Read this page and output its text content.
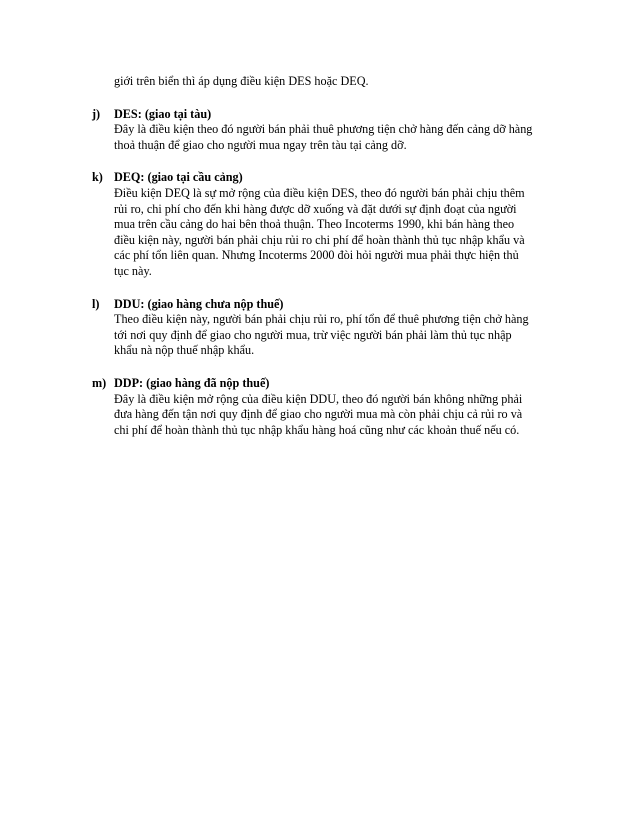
giới trên biển thì áp dụng điều kiện DES hoặc DEQ.

j)	DES: (giao tại tàu)

Đây là điều kiện theo đó người bán phải thuê phương tiện chở hàng đến cảng dỡ hàng

thoả thuận để giao cho người mua ngay trên tàu tại cảng dỡ.

k) DEQ: (giao tại cầu cảng)

Điều kiện DEQ là sự mở rộng của điều kiện DES, theo đó người bán phải chịu thêm

rủi ro, chi phí cho đến khi hàng được dỡ xuống và đặt dưới sự định đoạt của người

mua trên cầu cảng do hai bên thoả thuận. Theo Incoterms 1990, khi bán hàng theo

điều kiện này, người bán phải chịu rủi ro chi phí để hoàn thành thủ tục nhập khẩu và

các phí tổn liên quan. Nhưng Incoterms 2000 đòi hỏi người mua phải thực hiện thủ

tục này.

l)	DDU: (giao hàng chưa nộp thuế)

Theo điều kiện này, người bán phải chịu rủi ro, phí tổn để thuê phương tiện chở hàng

tới nơi quy định để giao cho người mua, trừ việc người bán phải làm thủ tục nhập

khẩu nà nộp thuế nhập khẩu.

m) DDP: (giao hàng đã nộp thuế)

Đây là điều kiện mở rộng của điều kiện DDU, theo đó người bán không những phải

đưa hàng đến tận nơi quy định để giao cho người mua mà còn phải chịu cả rủi ro và

chi phí để hoàn thành thủ tục nhập khẩu hàng hoá cũng như các khoản thuế nếu có.
